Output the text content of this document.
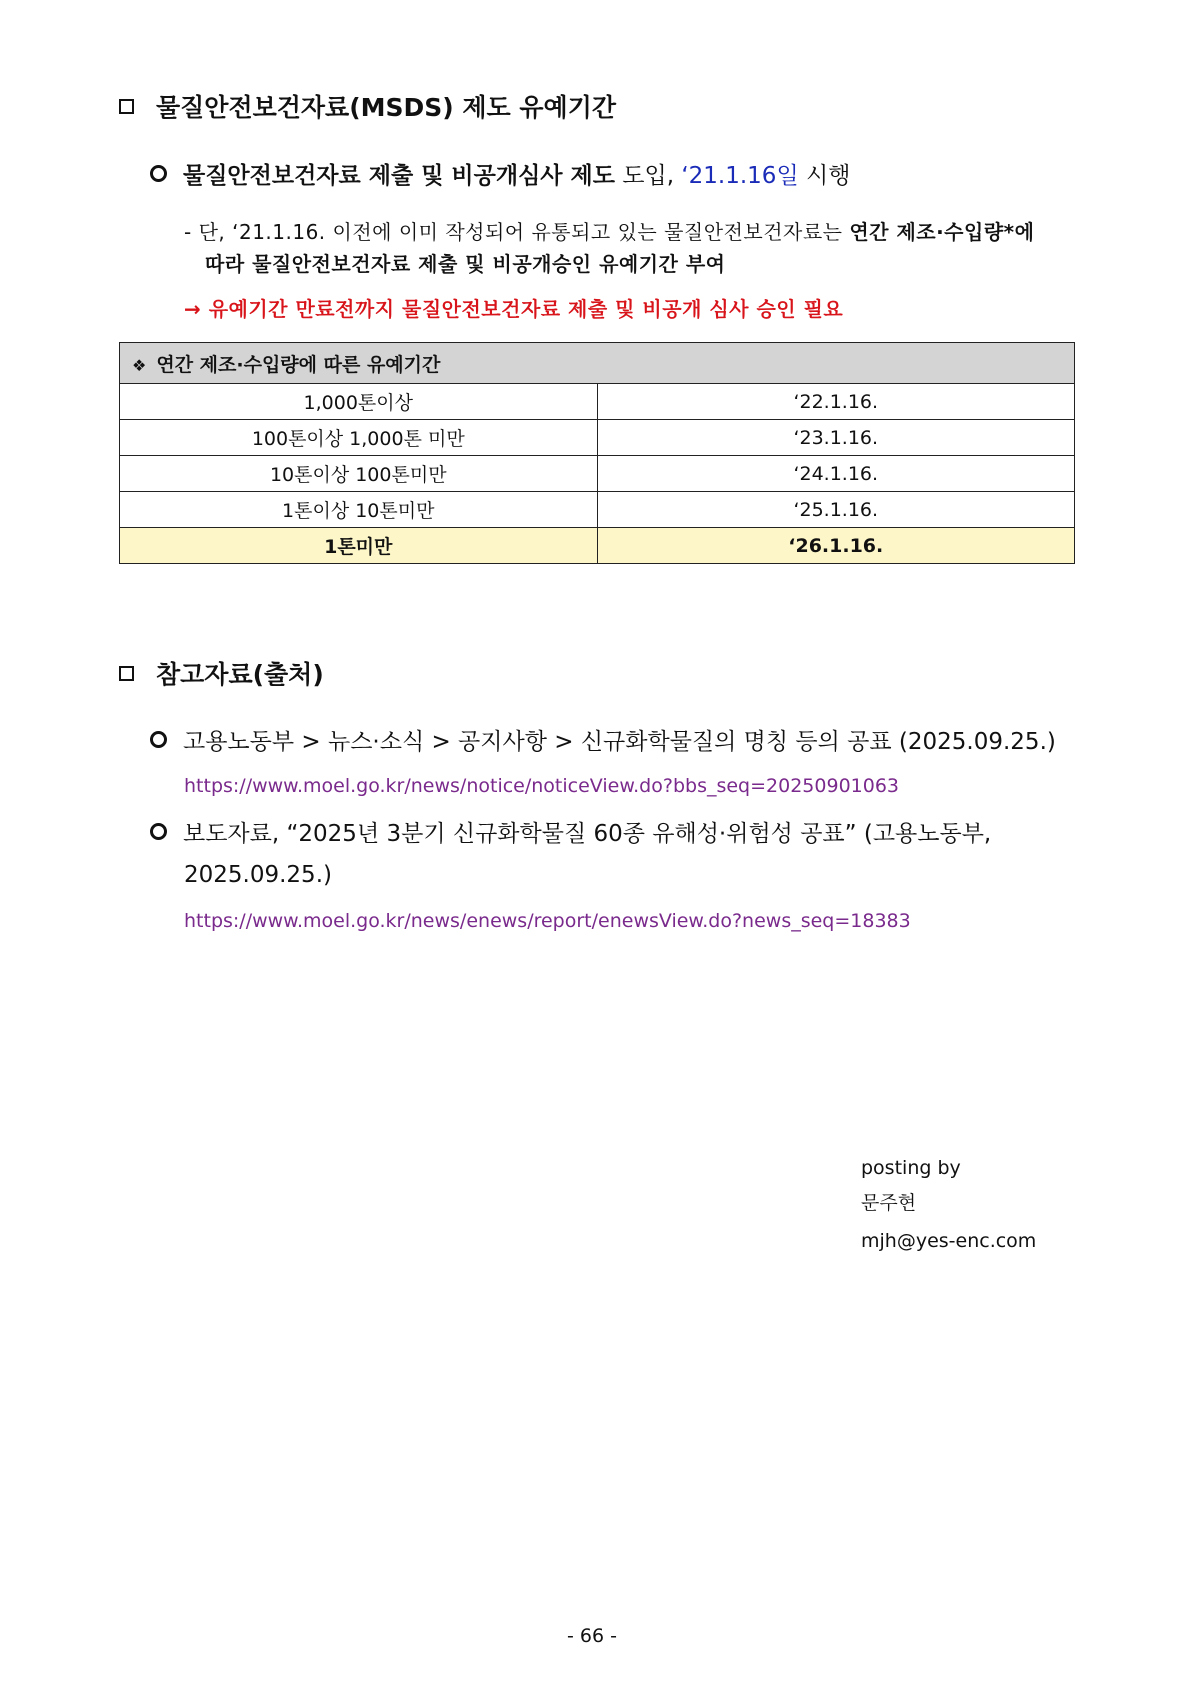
물질안전보건자료(MSDS) 제도 유예기간
물질안전보건자료 제출 및 비공개심사 제도 도입, ‘21.1.16일 시행
- 단, ‘21.1.16. 이전에 이미 작성되어 유통되고 있는 물질안전보건자료는 연간 제조·수입량*에
따라 물질안전보건자료 제출 및 비공개승인 유예기간 부여
→ 유예기간 만료전까지 물질안전보건자료 제출 및 비공개 심사 승인 필요
❖ 연간 제조·수입량에 따른 유예기간	
1,000톤이상	‘22.1.16.
100톤이상 1,000톤 미만	‘23.1.16.
10톤이상 100톤미만	‘24.1.16.
1톤이상 10톤미만	‘25.1.16.
1톤미만	‘26.1.16.
참고자료(출처)
고용노동부 > 뉴스·소식 > 공지사항 > 신규화학물질의 명칭 등의 공표 (2025.09.25.)
https://www.moel.go.kr/news/notice/noticeView.do?bbs_seq=20250901063
보도자료, “2025년 3분기 신규화학물질 60종 유해성·위험성 공표” (고용노동부,
2025.09.25.)
https://www.moel.go.kr/news/enews/report/enewsView.do?news_seq=18383
posting by
문주현
mjh@yes-enc.com
- 66 -
